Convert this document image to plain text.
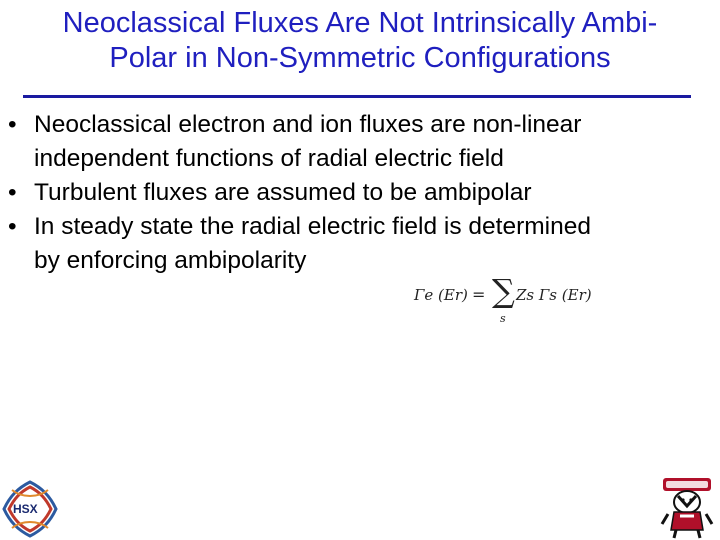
Neoclassical Fluxes Are Not Intrinsically Ambi-
Polar in Non-Symmetric Configurations
• Neoclassical electron and ion fluxes are non-linear
independent functions of radial electric field
• Turbulent fluxes are assumed to be ambipolar
• In steady state the radial electric field is determined
by enforcing ambipolarity
Γe (Er) = ∑
s
Zs Γs (Er)
HSX
